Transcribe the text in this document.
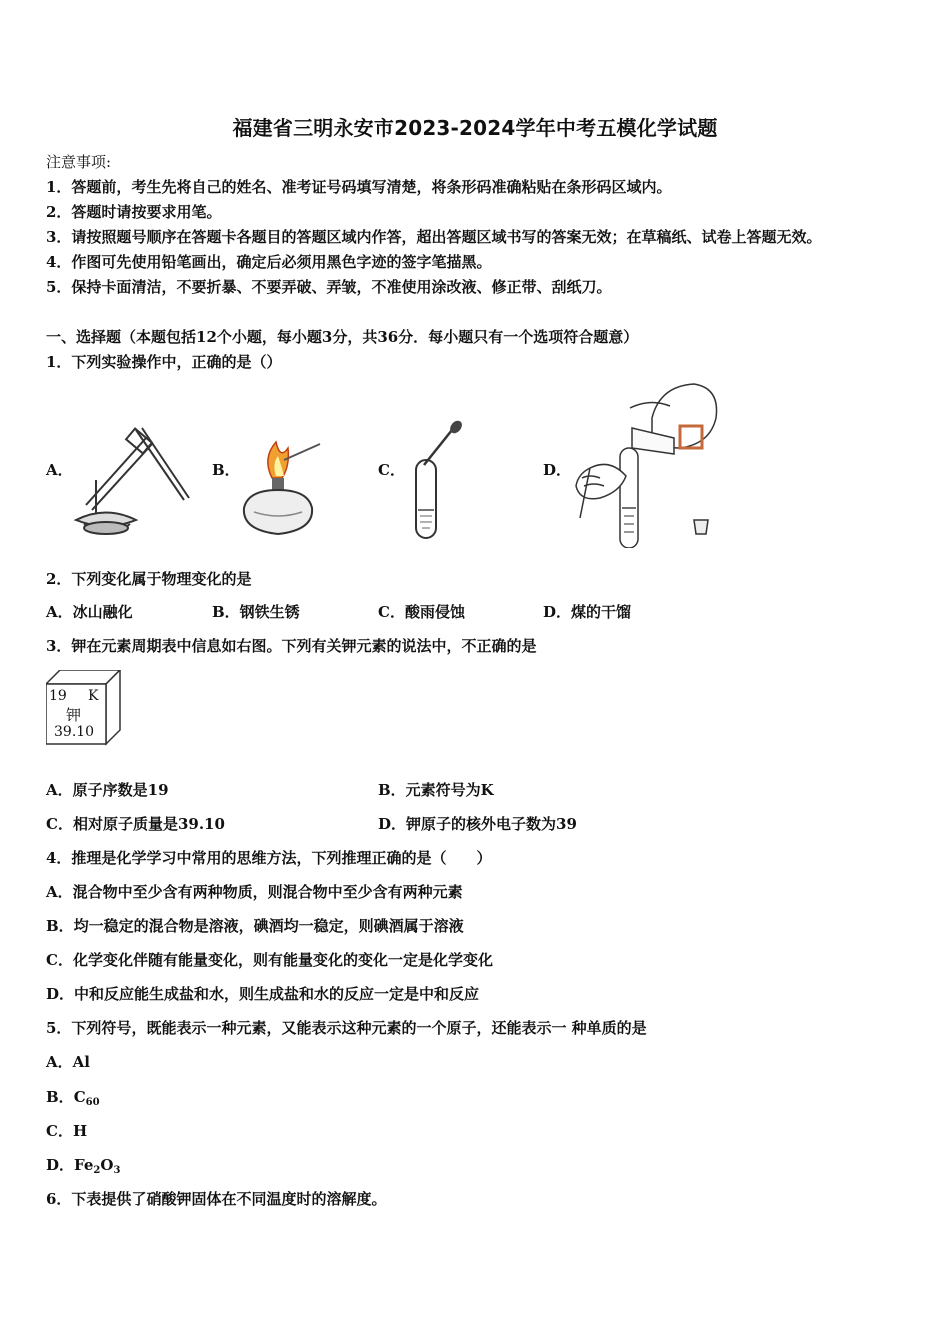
福建省三明永安市2023-2024学年中考五模化学试题
注意事项:
1．答题前，考生先将自己的姓名、准考证号码填写清楚，将条形码准确粘贴在条形码区域内。
2．答题时请按要求用笔。
3．请按照题号顺序在答题卡各题目的答题区域内作答，超出答题区域书写的答案无效；在草稿纸、试卷上答题无效。
4．作图可先使用铅笔画出，确定后必须用黑色字迹的签字笔描黑。
5．保持卡面清洁，不要折暴、不要弄破、弄皱，不准使用涂改液、修正带、刮纸刀。
一、选择题（本题包括12个小题，每小题3分，共36分．每小题只有一个选项符合题意）
1．下列实验操作中，正确的是（）
A．	B．	C．	D．
2．下列变化属于物理变化的是
A．冰山融化	B．钢铁生锈	C．酸雨侵蚀	D．煤的干馏
3．钾在元素周期表中信息如右图。下列有关钾元素的说法中，不正确的是
19 K
钾
39.10
A．原子序数是19	B．元素符号为K
C．相对原子质量是39.10	D．钾原子的核外电子数为39
4．推理是化学学习中常用的思维方法，下列推理正确的是（　　）
A．混合物中至少含有两种物质，则混合物中至少含有两种元素
B．均一稳定的混合物是溶液，碘酒均一稳定，则碘酒属于溶液
C．化学变化伴随有能量变化，则有能量变化的变化一定是化学变化
D．中和反应能生成盐和水，则生成盐和水的反应一定是中和反应
5．下列符号，既能表示一种元素，又能表示这种元素的一个原子，还能表示一 种单质的是
A．Al
B．$C_{60}$
C．H
D．$Fe_2O_3$
6．下表提供了硝酸钾固体在不同温度时的溶解度。
